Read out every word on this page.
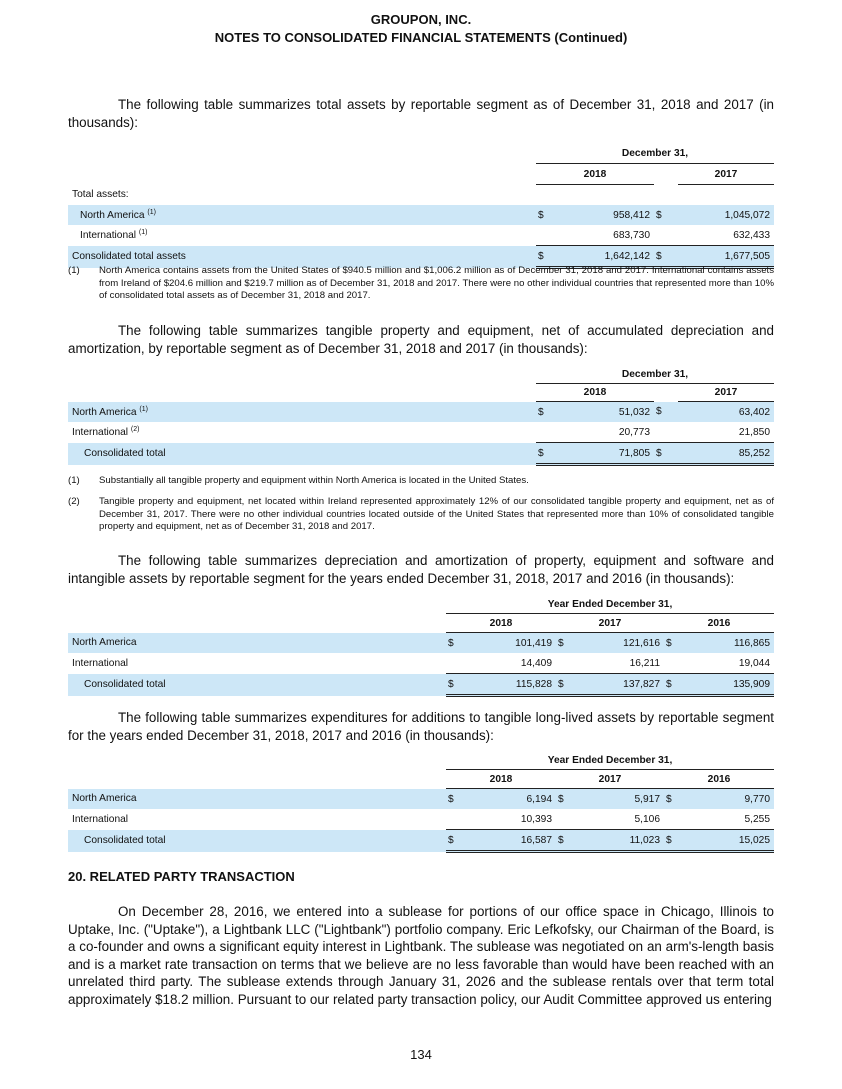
GROUPON, INC.
NOTES TO CONSOLIDATED FINANCIAL STATEMENTS (Continued)
The following table summarizes total assets by reportable segment as of December 31, 2018 and 2017 (in thousands):
	December 31,			
	2018			2017
Total assets:				
North America $^{(1)}$	$	958,412	$	1,045,072
International $^{(1)}$		683,730		632,433
Consolidated total assets	$	1,642,142	$	1,677,505
(1) North America contains assets from the United States of $940.5 million and $1,006.2 million as of December 31, 2018 and 2017. International contains assets from Ireland of $204.6 million and $219.7 million as of December 31, 2018 and 2017. There were no other individual countries that represented more than 10% of consolidated total assets as of December 31, 2018 and 2017.
The following table summarizes tangible property and equipment, net of accumulated depreciation and amortization, by reportable segment as of December 31, 2018 and 2017 (in thousands):
	December 31,			
	2018			2017
North America $^{(1)}$	$	51,032	$	63,402
International $^{(2)}$		20,773		21,850
Consolidated total	$	71,805	$	85,252
(1) Substantially all tangible property and equipment within North America is located in the United States.
(2) Tangible property and equipment, net located within Ireland represented approximately 12% of our consolidated tangible property and equipment, net as of December 31, 2017. There were no other individual countries located outside of the United States that represented more than 10% of consolidated tangible property and equipment, net as of December 31, 2018 and 2017.
The following table summarizes depreciation and amortization of property, equipment and software and intangible assets by reportable segment for the years ended December 31, 2018, 2017 and 2016 (in thousands):
	Year Ended December 31,					
	2018		2017		2016	
North America	$	101,419	$	121,616	$	116,865
International		14,409		16,211		19,044
Consolidated total	$	115,828	$	137,827	$	135,909
The following table summarizes expenditures for additions to tangible long-lived assets by reportable segment for the years ended December 31, 2018, 2017 and 2016 (in thousands):
	Year Ended December 31,					
	2018		2017		2016	
North America	$	6,194	$	5,917	$	9,770
International		10,393		5,106		5,255
Consolidated total	$	16,587	$	11,023	$	15,025
20. RELATED PARTY TRANSACTION
On December 28, 2016, we entered into a sublease for portions of our office space in Chicago, Illinois to Uptake, Inc. ("Uptake"), a Lightbank LLC ("Lightbank") portfolio company. Eric Lefkofsky, our Chairman of the Board, is a co-founder and owns a significant equity interest in Lightbank. The sublease was negotiated on an arm's-length basis and is a market rate transaction on terms that we believe are no less favorable than would have been reached with an unrelated third party. The sublease extends through January 31, 2026 and the sublease rentals over that term total approximately $18.2 million. Pursuant to our related party transaction policy, our Audit Committee approved us entering
134
